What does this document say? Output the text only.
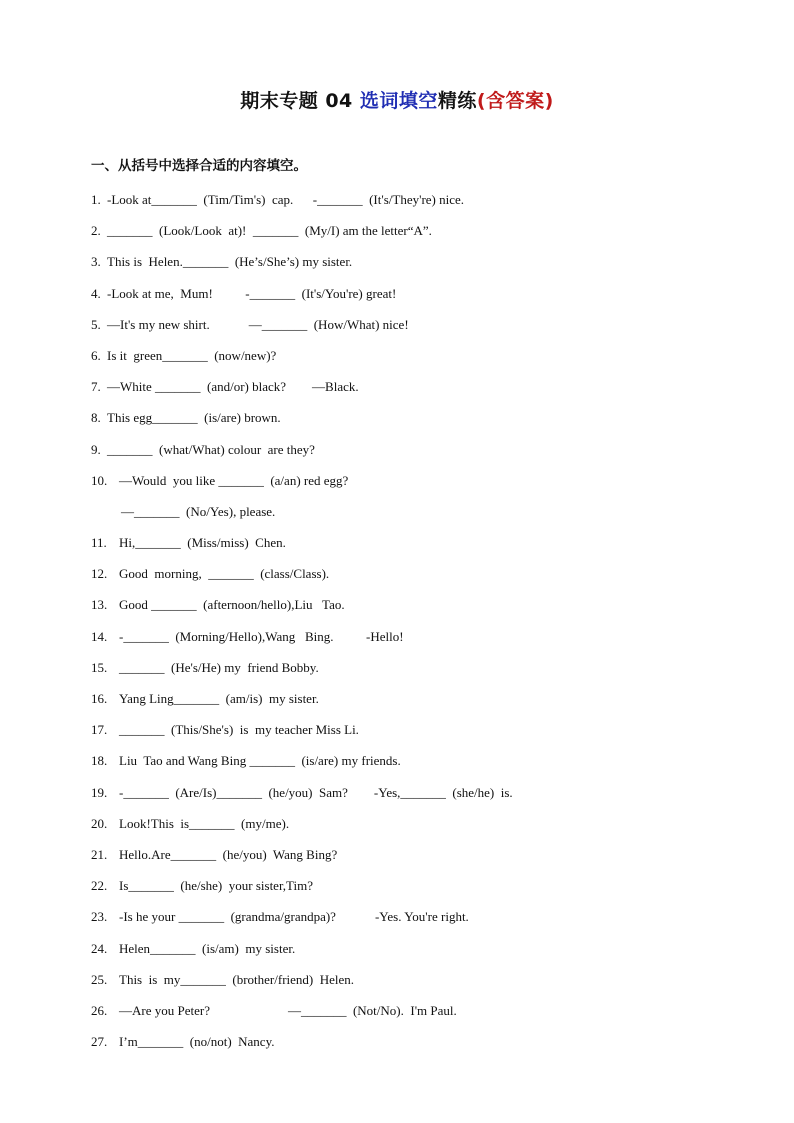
期末专题 04 选词填空精练(含答案)
一、从括号中选择合适的内容填空。
1. -Look at_______  (Tim/Tim's)  cap.      -_______  (It's/They're) nice.
2. _______  (Look/Look  at)!  _______  (My/I) am the letter“A”.
3. This is  Helen._______  (He’s/She’s) my sister.
4. -Look at me,  Mum!          -_______  (It's/You're) great!
5. —It's my new shirt.            —_______  (How/What) nice!
6. Is it  green_______  (now/new)?
7. —White _______  (and/or) black?        —Black.
8. This egg_______  (is/are) brown.
9. _______  (what/What) colour  are they?
10. —Would  you like _______  (a/an) red egg?
—_______  (No/Yes), please.
11. Hi,_______  (Miss/miss)  Chen.
12. Good  morning,  _______  (class/Class).
13. Good _______  (afternoon/hello),Liu   Tao.
14. -_______  (Morning/Hello),Wang   Bing.          -Hello!
15. _______  (He's/He) my  friend Bobby.
16. Yang Ling_______  (am/is)  my sister.
17. _______  (This/She's)  is  my teacher Miss Li.
18. Liu  Tao and Wang Bing _______  (is/are) my friends.
19. -_______  (Are/Is)_______  (he/you)  Sam?        -Yes,_______  (she/he)  is.
20. Look!This  is_______  (my/me).
21. Hello.Are_______  (he/you)  Wang Bing?
22. Is_______  (he/she)  your sister,Tim?
23. -Is he your _______  (grandma/grandpa)?            -Yes. You're right.
24. Helen_______  (is/am)  my sister.
25. This  is  my_______  (brother/friend)  Helen.
26. —Are you Peter?                        —_______  (Not/No).  I'm Paul.
27. I’m_______  (no/not)  Nancy.
